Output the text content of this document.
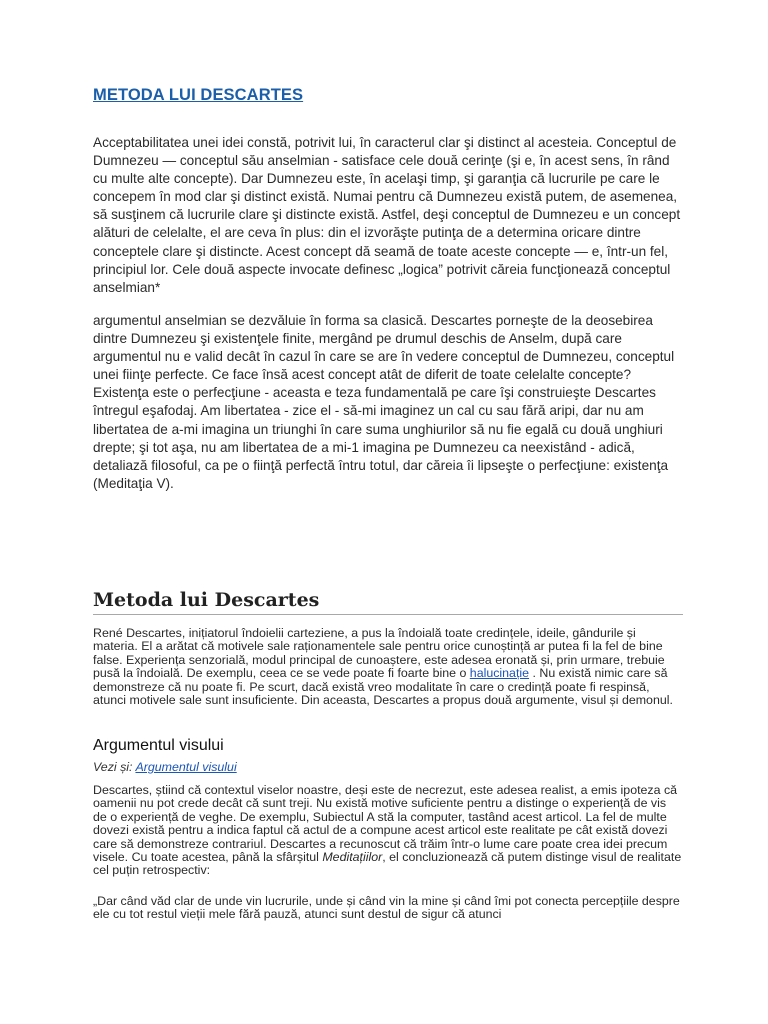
METODA LUI DESCARTES

Acceptabilitatea unei idei constă, potrivit lui, în caracterul clar şi distinct al acesteia. Conceptul de Dumnezeu — conceptul său anselmian - satisface cele două cerinţe (şi e, în acest sens, în rând cu multe alte concepte). Dar Dumnezeu este, în acelaşi timp, şi garanţia că lucrurile pe care le concepem în mod clar şi distinct există. Numai pentru că Dumnezeu există putem, de asemenea, să susţinem că lucrurile clare şi distincte există. Astfel, deşi conceptul de Dumnezeu e un concept alături de celelalte, el are ceva în plus: din el izvorăşte putinţa de a determina oricare dintre conceptele clare şi distincte. Acest concept dă seamă de toate aceste concepte — e, într-un fel, principiul lor. Cele două aspecte invocate definesc „logica” potrivit căreia funcţionează conceptul anselmian*

argumentul anselmian se dezvăluie în forma sa clasică. Descartes porneşte de la deosebirea dintre Dumnezeu şi existenţele finite, mergând pe drumul deschis de Anselm, după care argumentul nu e valid decât în cazul în care se are în vedere conceptul de Dumnezeu, conceptul unei fiinţe perfecte. Ce face însă acest concept atât de diferit de toate celelalte concepte? Existenţa este o perfecţiune - aceasta e teza fundamentală pe care îşi construieşte Descartes întregul eşafodaj. Am libertatea - zice el - să-mi imaginez un cal cu sau fără aripi, dar nu am libertatea de a-mi imagina un triunghi în care suma unghiurilor să nu fie egală cu două unghiuri drepte; şi tot aşa, nu am libertatea de a mi-1 imagina pe Dumnezeu ca neexistând - adică, detaliază filosoful, ca pe o fiinţă perfectă întru totul, dar căreia îi lipseşte o perfecţiune: existenţa (Meditaţia V).

Metoda lui Descartes

René Descartes, inițiatorul îndoielii carteziene, a pus la îndoială toate credințele, ideile, gândurile și materia. El a arătat că motivele sale raționamentele sale pentru orice cunoștință ar putea fi la fel de bine false. Experiența senzorială, modul principal de cunoaștere, este adesea eronată și, prin urmare, trebuie pusă la îndoială. De exemplu, ceea ce se vede poate fi foarte bine o halucinație . Nu există nimic care să demonstreze că nu poate fi. Pe scurt, dacă există vreo modalitate în care o credință poate fi respinsă, atunci motivele sale sunt insuficiente. Din aceasta, Descartes a propus două argumente, visul și demonul.

Argumentul visului

Vezi și: Argumentul visului

Descartes, știind că contextul viselor noastre, deși este de necrezut, este adesea realist, a emis ipoteza că oamenii nu pot crede decât că sunt treji. Nu există motive suficiente pentru a distinge o experiență de vis de o experiență de veghe. De exemplu, Subiectul A stă la computer, tastând acest articol. La fel de multe dovezi există pentru a indica faptul că actul de a compune acest articol este realitate pe cât există dovezi care să demonstreze contrariul. Descartes a recunoscut că trăim într-o lume care poate crea idei precum visele. Cu toate acestea, până la sfârșitul Meditațiilor, el concluzionează că putem distinge visul de realitate cel puțin retrospectiv:

„Dar când văd clar de unde vin lucrurile, unde și când vin la mine și când îmi pot conecta percepțiile despre ele cu tot restul vieții mele fără pauză, atunci sunt destul de sigur că atunci
